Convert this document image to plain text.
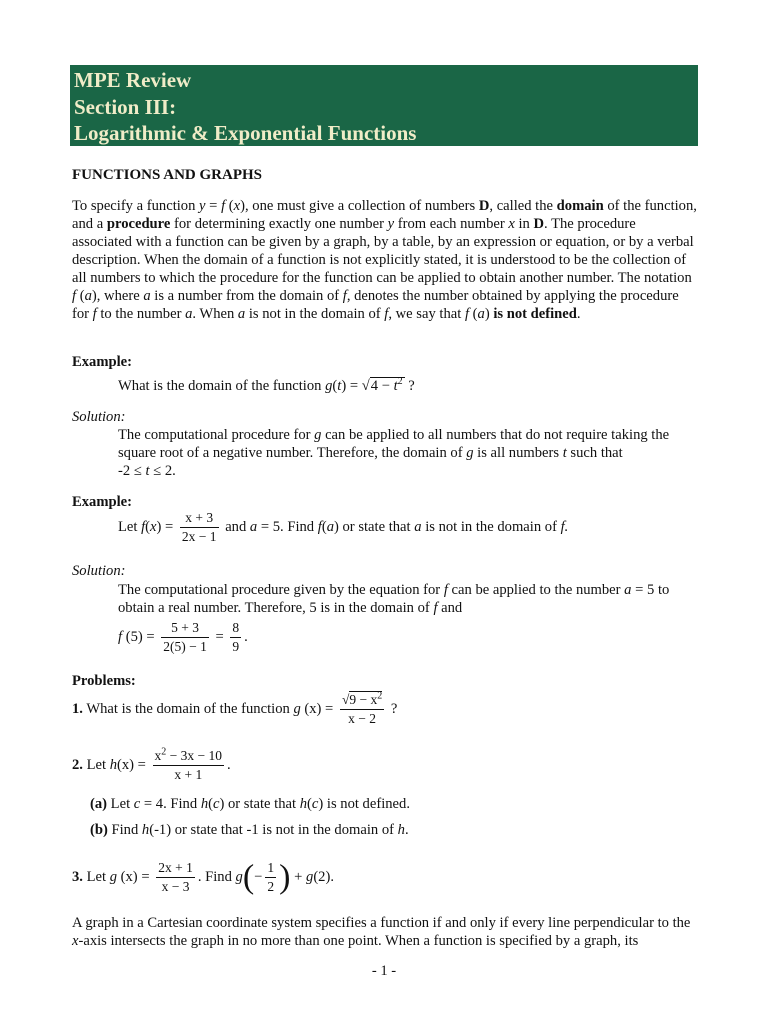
MPE Review
Section III:
Logarithmic & Exponential Functions
FUNCTIONS AND GRAPHS
To specify a function y = f (x), one must give a collection of numbers D, called the domain of the function, and a procedure for determining exactly one number y from each number x in D. The procedure associated with a function can be given by a graph, by a table, by an expression or equation, or by a verbal description. When the domain of a function is not explicitly stated, it is understood to be the collection of all numbers to which the procedure for the function can be applied to obtain another number. The notation f (a), where a is a number from the domain of f, denotes the number obtained by applying the procedure for f to the number a. When a is not in the domain of f, we say that f (a) is not defined.
Example:
What is the domain of the function $g(t) = √4 - t^2$ ?
Solution:
The computational procedure for g can be applied to all numbers that do not require taking the square root of a negative number. Therefore, the domain of g is all numbers t such that
-2 ≤ t ≤ 2.
Example:
Let $f(x) = \frac{x + 3}{2x - 1}$ and a = 5. Find f(a) or state that a is not in the domain of f.
Solution:
The computational procedure given by the equation for f can be applied to the number a = 5 to obtain a real number. Therefore, 5 is in the domain of f and
f $(5) = \frac{5 + 3}{2(5) - 1} = \frac{8}{9}$ .
Problems:
1. What is the domain of the function g $(x) = \frac{√9 - x^2}{x - 2}$ ?
2. Let $h(x) = \frac{x^2 - 3x - 10}{x + 1}$ .
(a) Let c = 4. Find h(c) or state that h(c) is not defined.
(b) Find h(-1) or state that -1 is not in the domain of h.
3. Let g $(x) = \frac{2x + 1}{x - 3}$ . Find $g(- \frac{1}{2}$ ) + g(2).
A graph in a Cartesian coordinate system specifies a function if and only if every line perpendicular to the x-axis intersects the graph in no more than one point. When a function is specified by a graph, its
- 1 -
